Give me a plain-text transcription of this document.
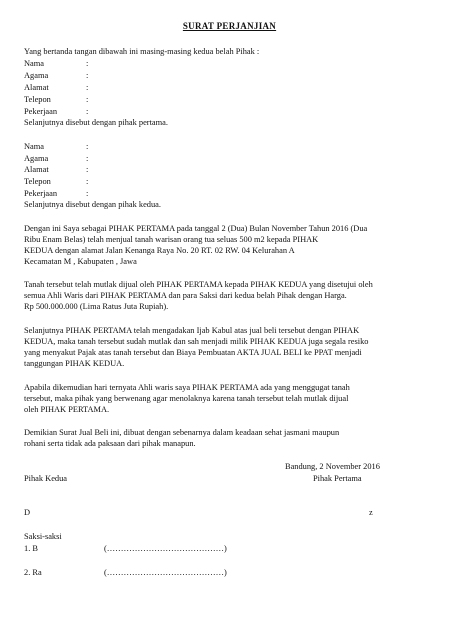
SURAT PERJANJIAN
Yang bertanda tangan dibawah ini masing-masing kedua belah Pihak :
Nama	:
Agama	:
Alamat	:
Telepon	:
Pekerjaan	:
Selanjutnya disebut dengan pihak pertama.
Nama	:
Agama	:
Alamat	:
Telepon	:
Pekerjaan	:
Selanjutnya disebut dengan pihak kedua.
Dengan ini Saya sebagai PIHAK PERTAMA pada tanggal 2 (Dua) Bulan November Tahun 2016 (Dua
Ribu Enam Belas) telah menjual tanah warisan orang tua seluas 500 m2 kepada PIHAK
KEDUA dengan alamat Jalan Kenanga Raya No. 20 RT. 02 RW. 04 Kelurahan A
Kecamatan M , Kabupaten , Jawa
Tanah tersebut telah mutlak dijual oleh PIHAK PERTAMA kepada PIHAK KEDUA yang disetujui oleh
semua Ahli Waris dari PIHAK PERTAMA dan para Saksi dari kedua belah Pihak dengan Harga.
Rp 500.000.000 (Lima Ratus Juta Rupiah).
Selanjutnya PIHAK PERTAMA telah mengadakan Ijab Kabul atas jual beli tersebut dengan PIHAK
KEDUA, maka tanah tersebut sudah mutlak dan sah menjadi milik PIHAK KEDUA juga segala resiko
yang menyakut Pajak atas tanah tersebut dan Biaya Pembuatan AKTA JUAL BELI ke PPAT menjadi
tanggungan PIHAK KEDUA.
Apabila dikemudian hari ternyata Ahli waris saya PIHAK PERTAMA ada yang menggugat tanah
tersebut, maka pihak yang berwenang agar menolaknya karena tanah tersebut telah mutlak dijual
oleh PIHAK PERTAMA.
Demikian Surat Jual Beli ini, dibuat dengan sebenarnya dalam keadaan sehat jasmani maupun
rohani serta tidak ada paksaan dari pihak manapun.
Bandung, 2 November 2016
Pihak Kedua	Pihak Pertama
D	z
Saksi-saksi
1. B	(……………………………………)
2. Ra	(……………………………………)
